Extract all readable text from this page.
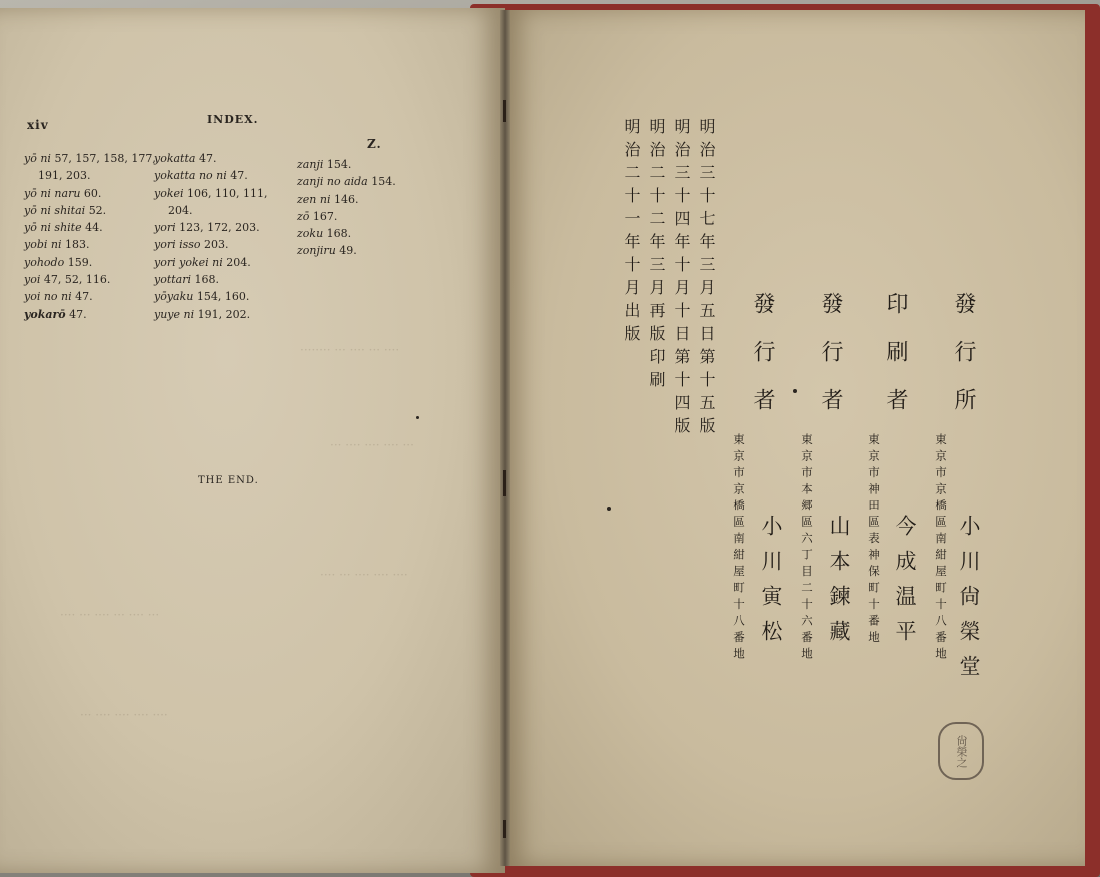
········ ··· ···· ··· ····
··· ···· ···· ···· ···
···· ··· ···· ···· ····
···· ··· ···· ··· ···· ···
··· ···· ···· ···· ····
xiv	INDEX.
Z.
yō ni 57, 157, 158, 177,
191, 203.
yō ni naru 60.
yō ni shitai 52.
yō ni shite 44.
yobi ni 183.
yohodo 159.
yoi 47, 52, 116.
yoi no ni 47.
yokarō 47.
yokatta 47.
yokatta no ni 47.
yokei 106, 110, 111,
204.
yori 123, 172, 203.
yori isso 203.
yori yokei ni 204.
yottari 168.
yōyaku 154, 160.
yuye ni 191, 202.
zanji 154.
zanji no aida 154.
zen ni 146.
zō 167.
zoku 168.
zonjiru 49.
THE END.
明治三十七年三月五日第十五版
明治三十四年十月十日第十四版
明治二十二年三月再版印刷
明治二十一年十月出版
發行所
東京市京橋區南紺屋町十八番地 小川尙榮堂
印刷者
東京市神田區表神保町十番地 今成温平
發行者
東京市本郷區六丁目二十六番地 山本鍊藏
發行者
東京市京橋區南紺屋町十八番地 小川寅松
尙榮之
